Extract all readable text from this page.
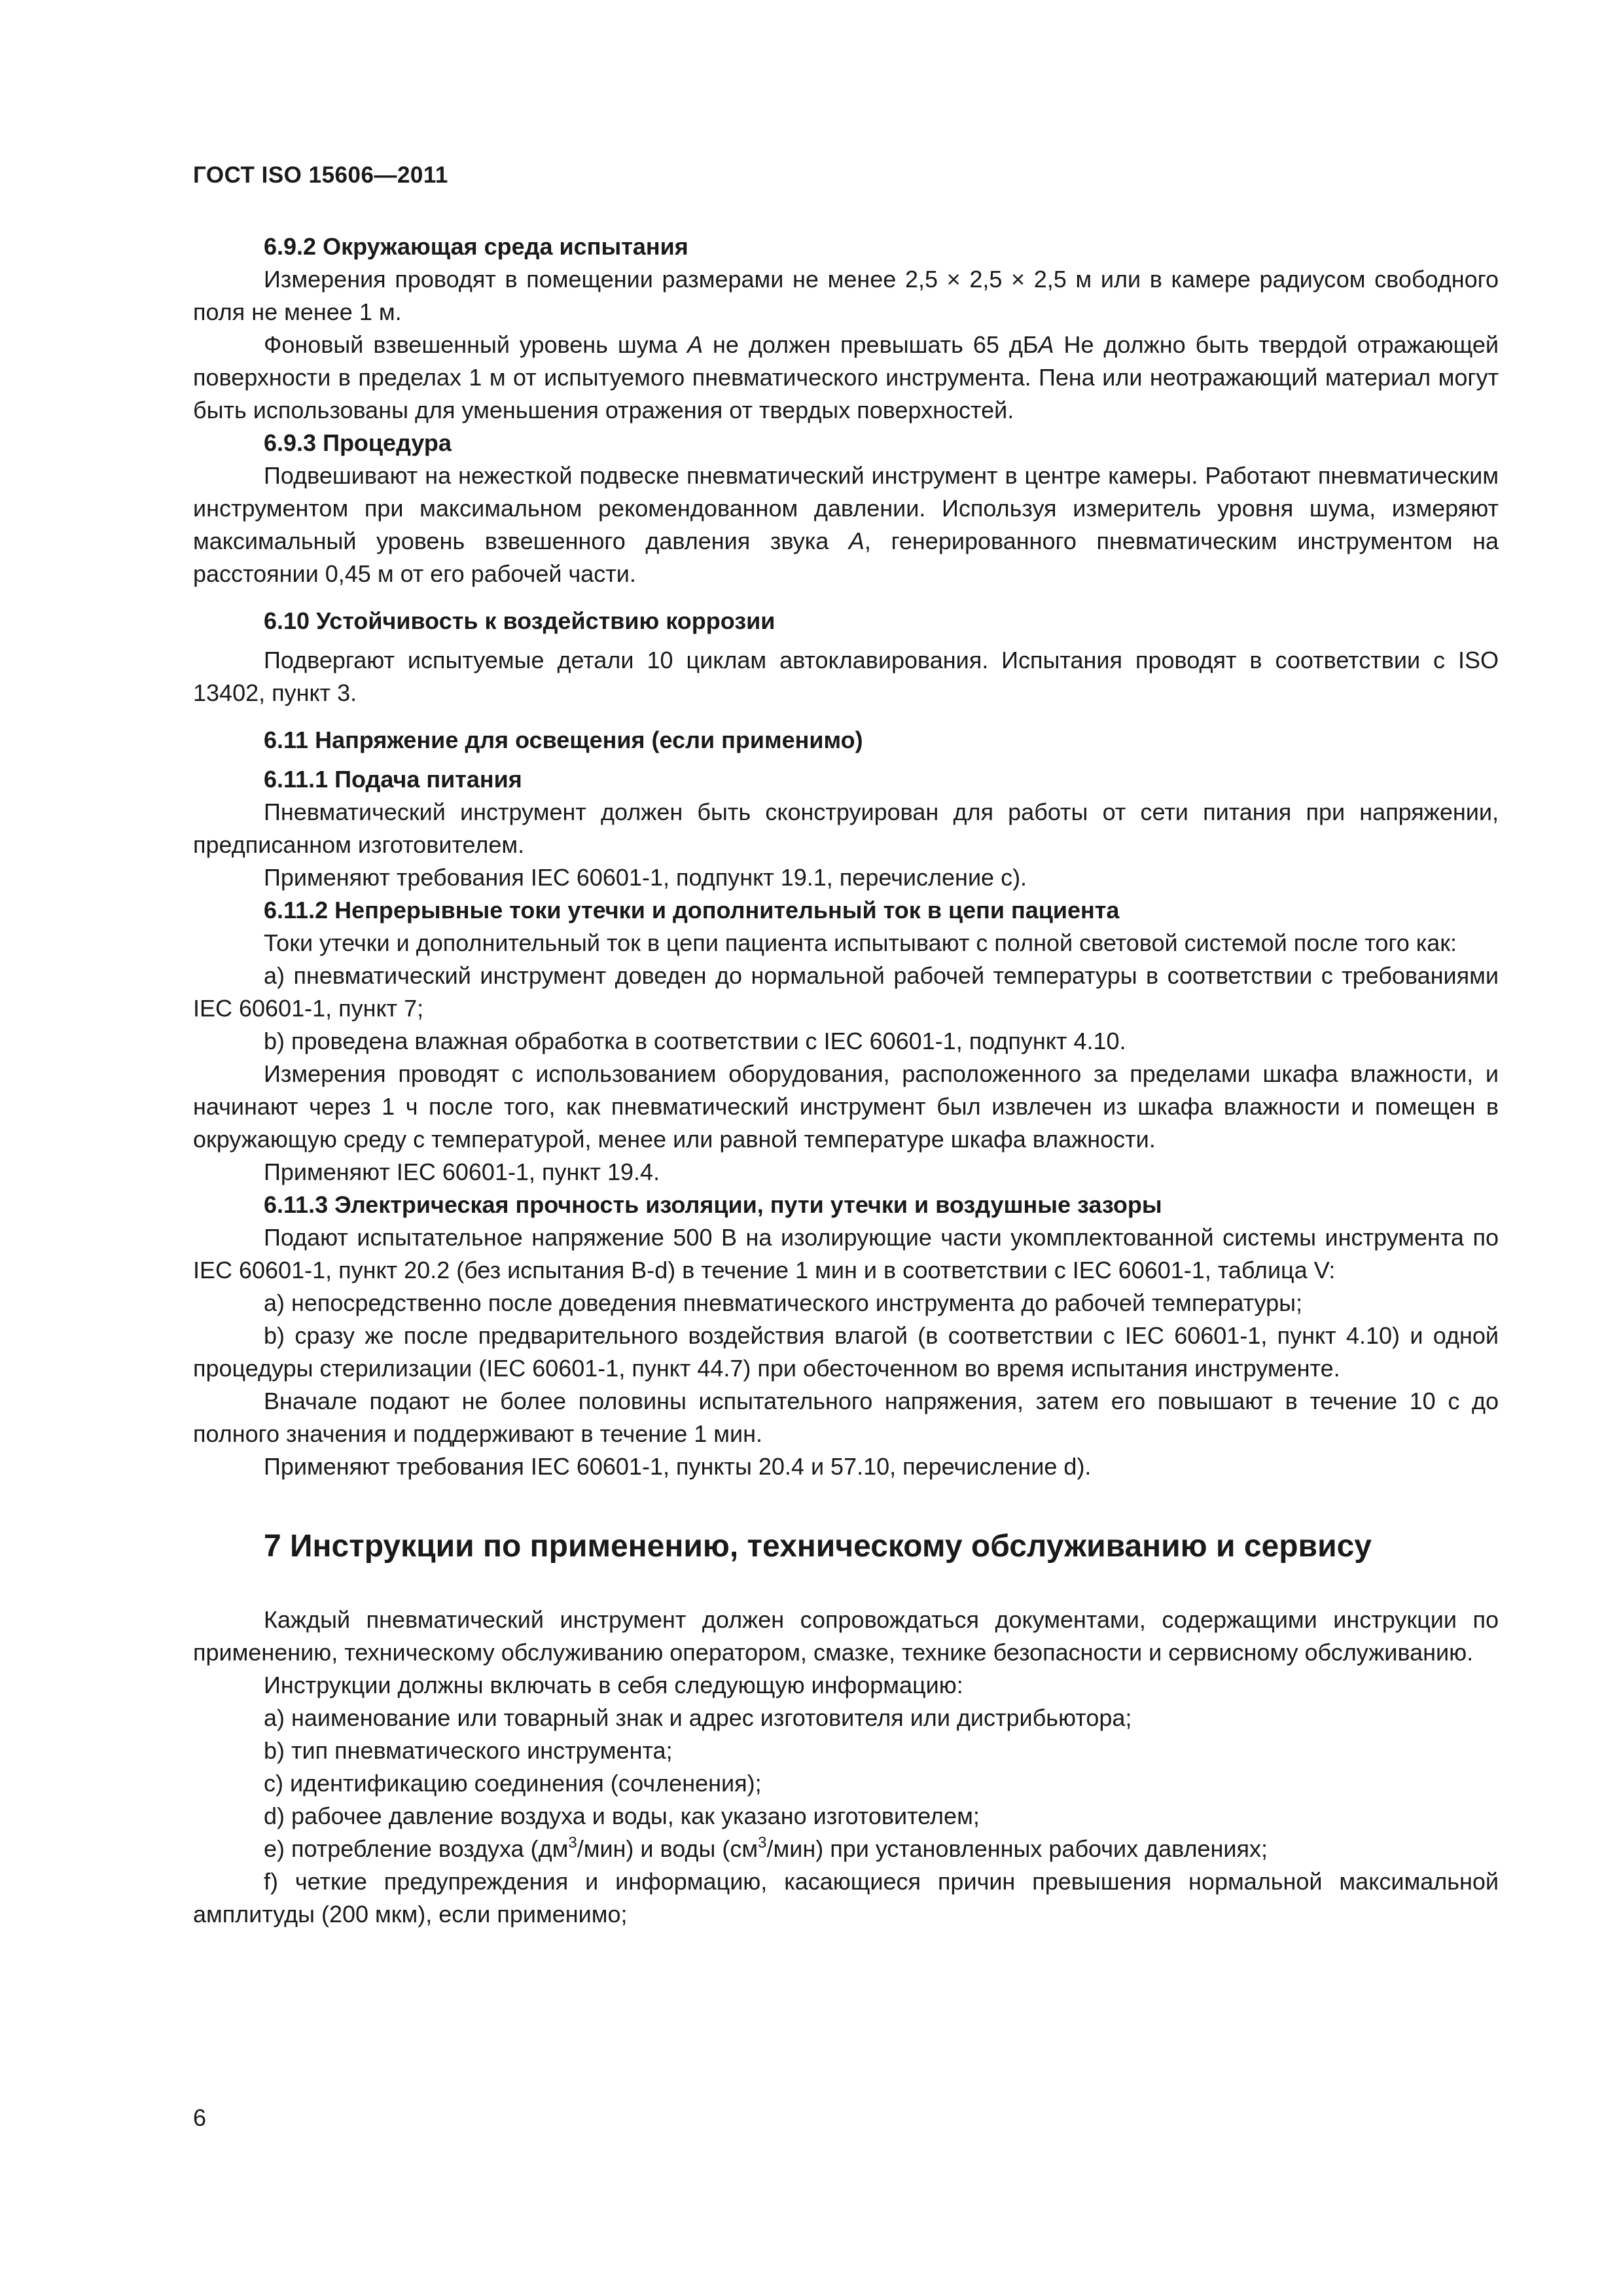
ГОСТ ISO 15606—2011

6.9.2 Окружающая среда испытания

Измерения проводят в помещении размерами не менее 2,5 × 2,5 × 2,5 м или в камере радиусом свободного поля не менее 1 м.

Фоновый взвешенный уровень шума A не должен превышать 65 дБA Не должно быть твердой отражающей поверхности в пределах 1 м от испытуемого пневматического инструмента. Пена или неотражающий материал могут быть использованы для уменьшения отражения от твердых поверхностей.

6.9.3 Процедура

Подвешивают на нежесткой подвеске пневматический инструмент в центре камеры. Работают пневматическим инструментом при максимальном рекомендованном давлении. Используя измеритель уровня шума, измеряют максимальный уровень взвешенного давления звука A, генерированного пневматическим инструментом на расстоянии 0,45 м от его рабочей части.

6.10 Устойчивость к воздействию коррозии

Подвергают испытуемые детали 10 циклам автоклавирования. Испытания проводят в соответствии с ISO 13402, пункт 3.

6.11 Напряжение для освещения (если применимо)

6.11.1 Подача питания

Пневматический инструмент должен быть сконструирован для работы от сети питания при напряжении, предписанном изготовителем.

Применяют требования IEC 60601-1, подпункт 19.1, перечисление с).

6.11.2 Непрерывные токи утечки и дополнительный ток в цепи пациента

Токи утечки и дополнительный ток в цепи пациента испытывают с полной световой системой после того как:

а) пневматический инструмент доведен до нормальной рабочей температуры в соответствии с требованиями IEC 60601-1, пункт 7;

b) проведена влажная обработка в соответствии с IEC 60601-1, подпункт 4.10.

Измерения проводят с использованием оборудования, расположенного за пределами шкафа влажности, и начинают через 1 ч после того, как пневматический инструмент был извлечен из шкафа влажности и помещен в окружающую среду с температурой, менее или равной температуре шкафа влажности.

Применяют IEC 60601-1, пункт 19.4.

6.11.3 Электрическая прочность изоляции, пути утечки и воздушные зазоры

Подают испытательное напряжение 500 В на изолирующие части укомплектованной системы инструмента по IEC 60601-1, пункт 20.2 (без испытания B-d) в течение 1 мин и в соответствии с IEC 60601-1, таблица V:

а) непосредственно после доведения пневматического инструмента до рабочей температуры;

b) сразу же после предварительного воздействия влагой (в соответствии с IEC 60601-1, пункт 4.10) и одной процедуры стерилизации (IEC 60601-1, пункт 44.7) при обесточенном во время испытания инструменте.

Вначале подают не более половины испытательного напряжения, затем его повышают в течение 10 с до полного значения и поддерживают в течение 1 мин.

Применяют требования IEC 60601-1, пункты 20.4 и 57.10, перечисление d).

7 Инструкции по применению, техническому обслуживанию и сервису

Каждый пневматический инструмент должен сопровождаться документами, содержащими инструкции по применению, техническому обслуживанию оператором, смазке, технике безопасности и сервисному обслуживанию.

Инструкции должны включать в себя следующую информацию:

а) наименование или товарный знак и адрес изготовителя или дистрибьютора;

b) тип пневматического инструмента;

с) идентификацию соединения (сочленения);

d) рабочее давление воздуха и воды, как указано изготовителем;

е) потребление воздуха $(дм^3/мин)$ и воды $(см^3/мин)$ при установленных рабочих давлениях;

f) четкие предупреждения и информацию, касающиеся причин превышения нормальной максимальной амплитуды (200 мкм), если применимо;

6
